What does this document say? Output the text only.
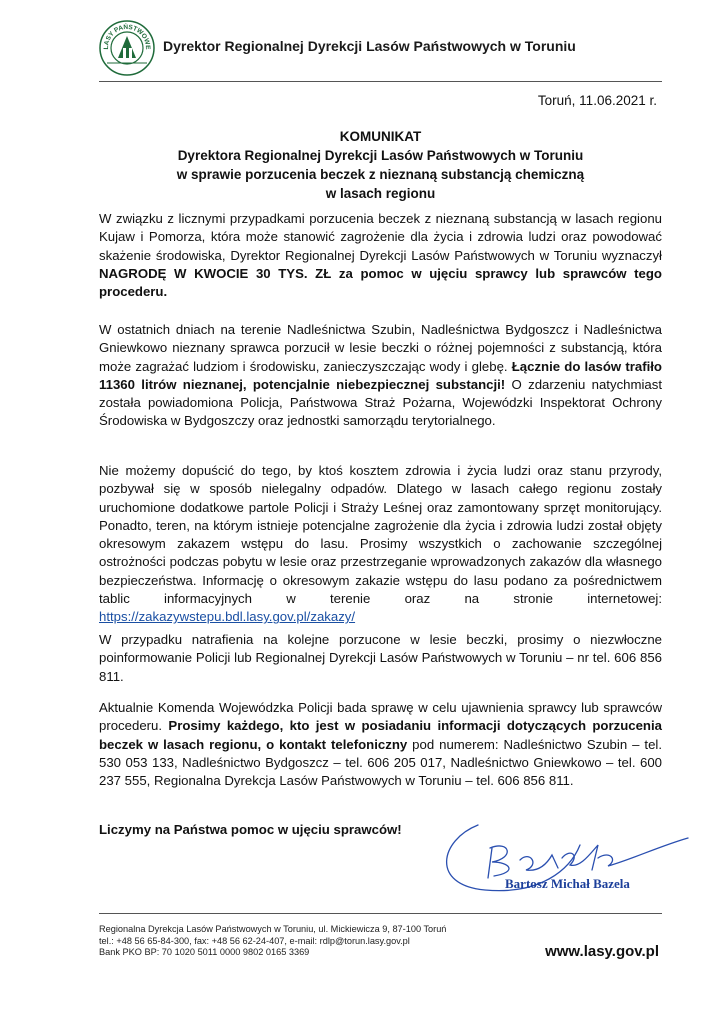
LASY PAŃSTWOWE Dyrektor Regionalnej Dyrekcji Lasów Państwowych w Toruniu
Toruń, 11.06.2021 r.
KOMUNIKAT
Dyrektora Regionalnej Dyrekcji Lasów Państwowych w Toruniu
w sprawie porzucenia beczek z nieznaną substancją chemiczną
w lasach regionu

W związku z licznymi przypadkami porzucenia beczek z nieznaną substancją w lasach regionu Kujaw i Pomorza, która może stanowić zagrożenie dla życia i zdrowia ludzi oraz powodować skażenie środowiska, Dyrektor Regionalnej Dyrekcji Lasów Państwowych w Toruniu wyznaczył NAGRODĘ W KWOCIE 30 TYS. ZŁ za pomoc w ujęciu sprawcy lub sprawców tego procederu.

W ostatnich dniach na terenie Nadleśnictwa Szubin, Nadleśnictwa Bydgoszcz i Nadleśnictwa Gniewkowo nieznany sprawca porzucił w lesie beczki o różnej pojemności z substancją, która może zagrażać ludziom i środowisku, zanieczyszczając wody i glebę. Łącznie do lasów trafiło 11360 litrów nieznanej, potencjalnie niebezpiecznej substancji! O zdarzeniu natychmiast została powiadomiona Policja, Państwowa Straż Pożarna, Wojewódzki Inspektorat Ochrony Środowiska w Bydgoszczy oraz jednostki samorządu terytorialnego.

Nie możemy dopuścić do tego, by ktoś kosztem zdrowia i życia ludzi oraz stanu przyrody, pozbywał się w sposób nielegalny odpadów. Dlatego w lasach całego regionu zostały uruchomione dodatkowe partole Policji i Straży Leśnej oraz zamontowany sprzęt monitorujący. Ponadto, teren, na którym istnieje potencjalne zagrożenie dla życia i zdrowia ludzi został objęty okresowym zakazem wstępu do lasu. Prosimy wszystkich o zachowanie szczególnej ostrożności podczas pobytu w lesie oraz przestrzeganie wprowadzonych zakazów dla własnego bezpieczeństwa. Informację o okresowym zakazie wstępu do lasu podano za pośrednictwem tablic informacyjnych w terenie oraz na stronie internetowej: https://zakazywstepu.bdl.lasy.gov.pl/zakazy/

W przypadku natrafienia na kolejne porzucone w lesie beczki, prosimy o niezwłoczne poinformowanie Policji lub Regionalnej Dyrekcji Lasów Państwowych w Toruniu – nr tel. 606 856 811.

Aktualnie Komenda Wojewódzka Policji bada sprawę w celu ujawnienia sprawcy lub sprawców procederu. Prosimy każdego, kto jest w posiadaniu informacji dotyczących porzucenia beczek w lasach regionu, o kontakt telefoniczny pod numerem: Nadleśnictwo Szubin – tel. 530 053 133, Nadleśnictwo Bydgoszcz – tel. 606 205 017, Nadleśnictwo Gniewkowo – tel. 600 237 555, Regionalna Dyrekcja Lasów Państwowych w Toruniu – tel. 606 856 811.

Liczymy na Państwa pomoc w ujęciu sprawców!
Bartosz Michał Bazela
Regionalna Dyrekcja Lasów Państwowych w Toruniu, ul. Mickiewicza 9, 87-100 Toruń
tel.: +48 56 65-84-300, fax: +48 56 62-24-407, e-mail: rdlp@torun.lasy.gov.pl
Bank PKO BP: 70 1020 5011 0000 9802 0165 3369	www.lasy.gov.pl
